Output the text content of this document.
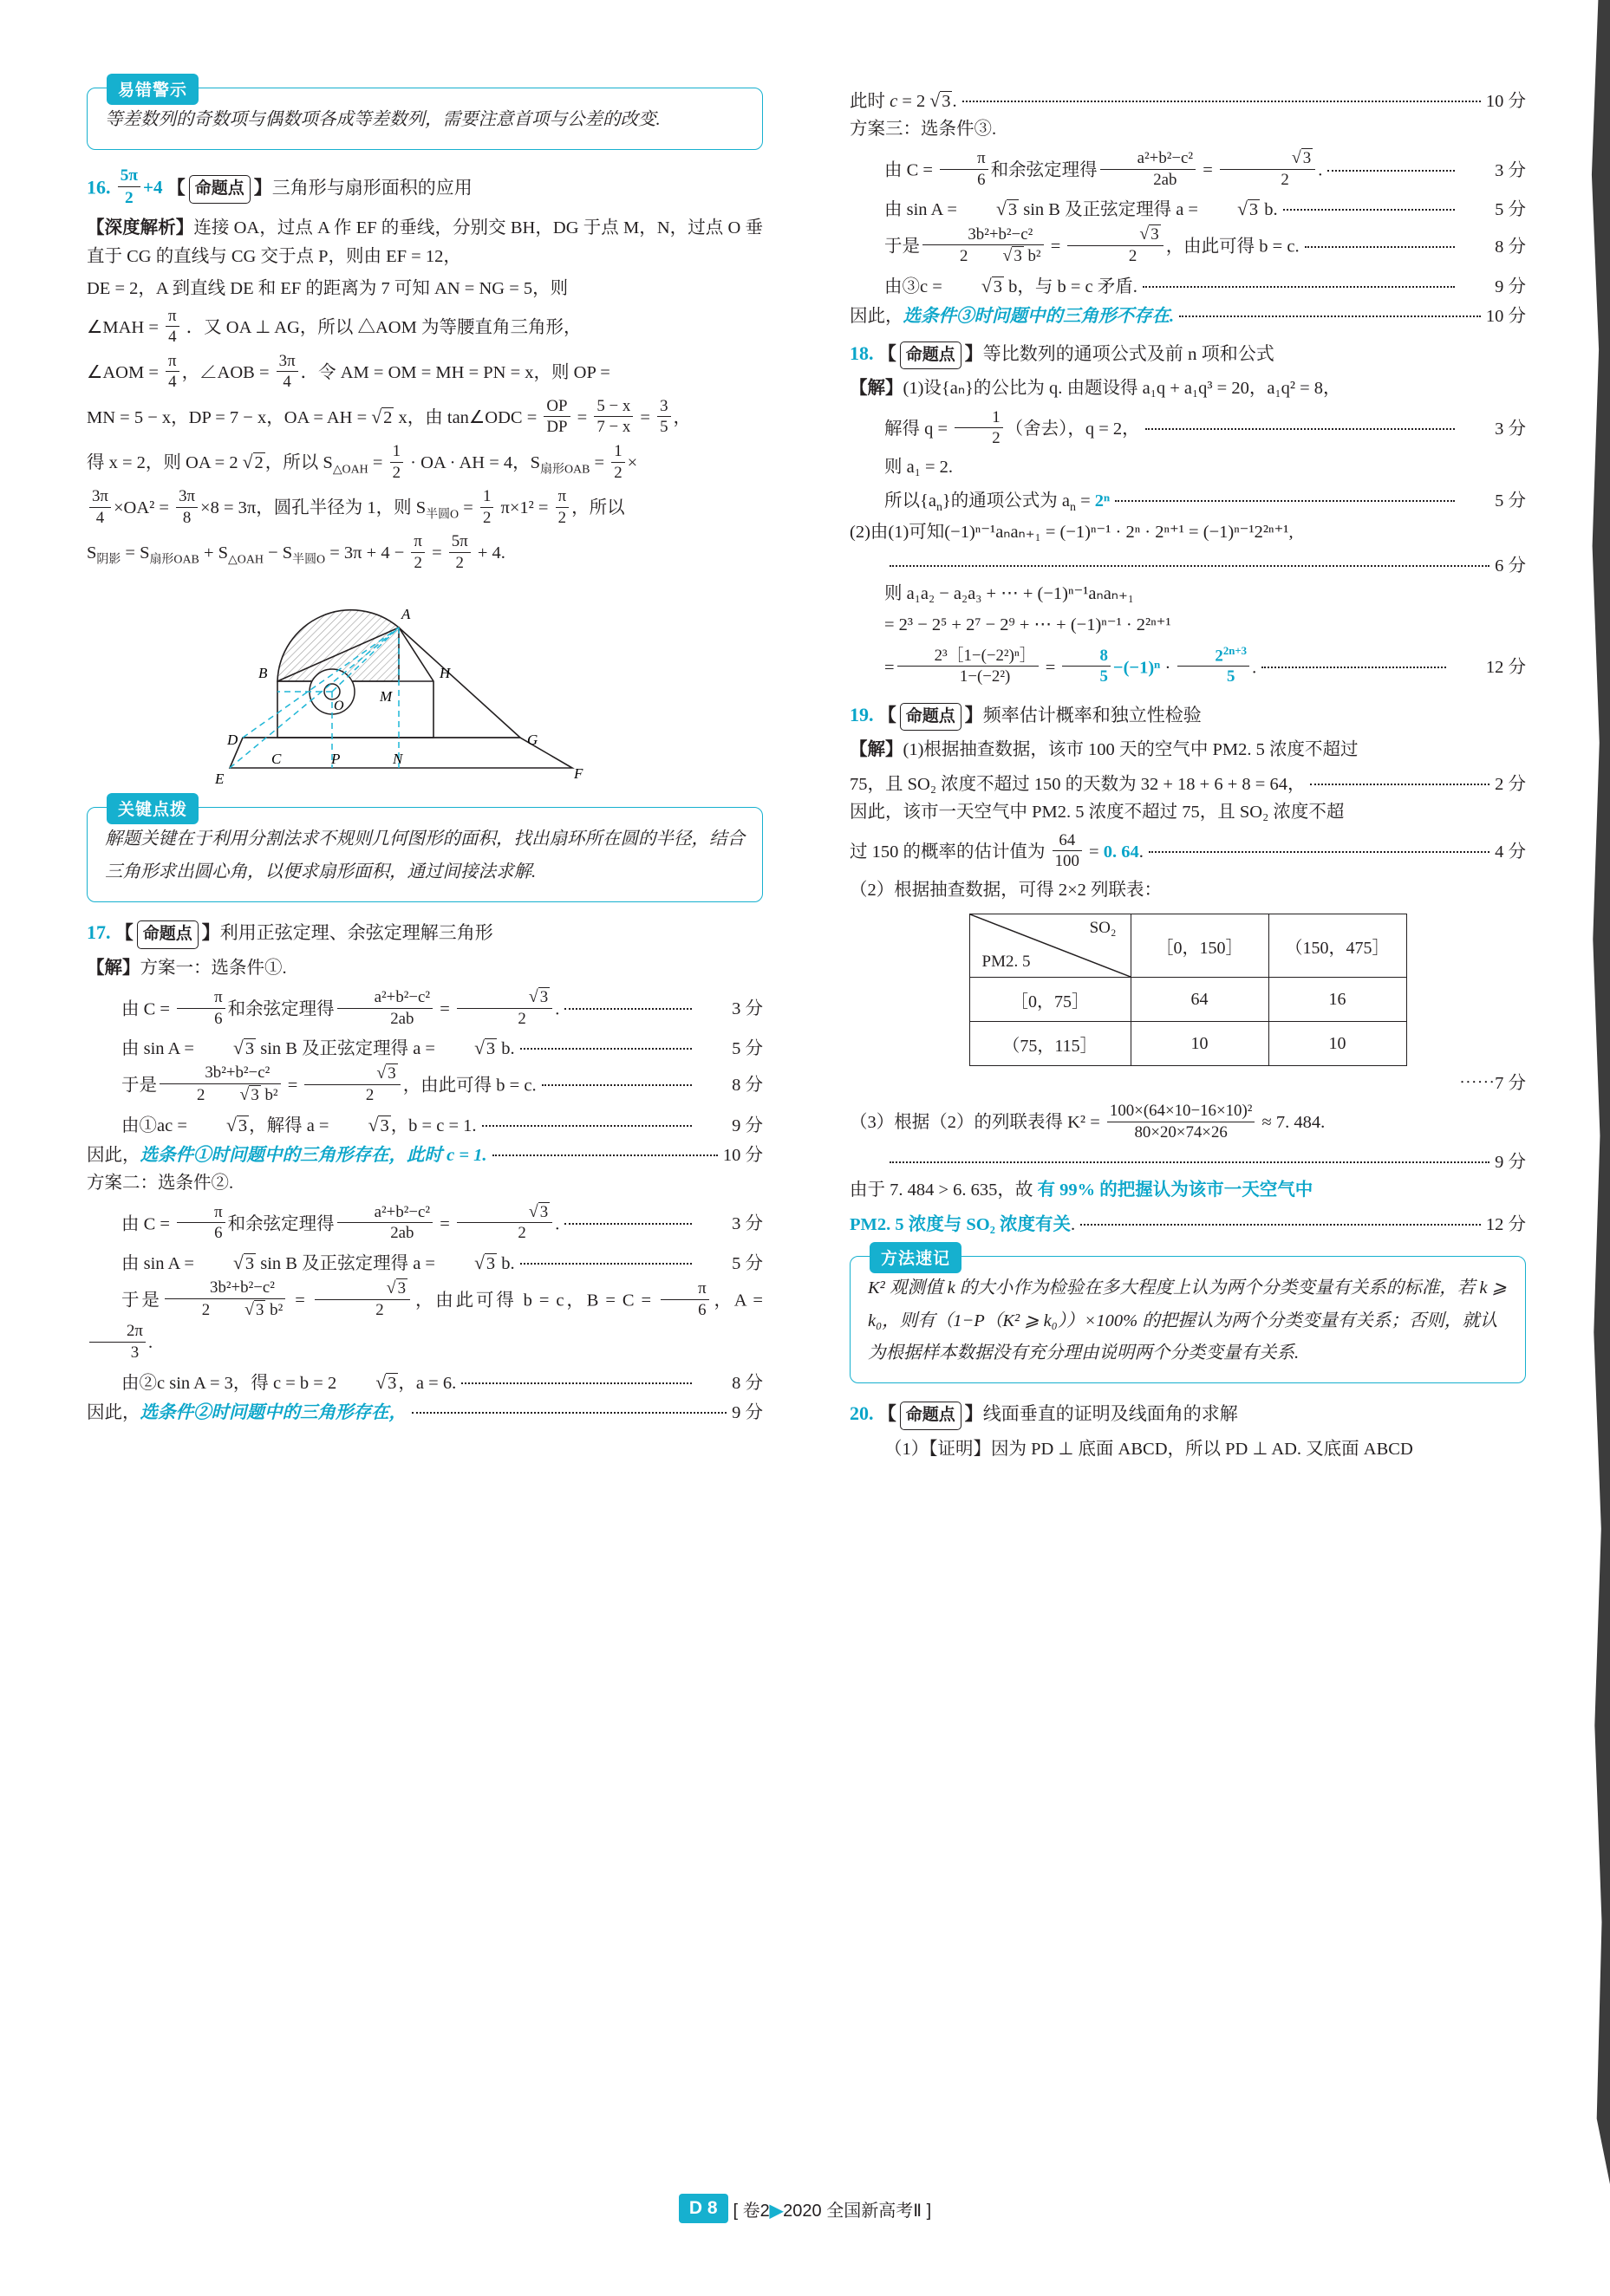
易错警示
等差数列的奇数项与偶数项各成等差数列，需要注意首项与公差的改变.
16. $\frac{5\pi}{2} +4$ 【 命题点 】三角形与扇形面积的应用

【深度解析】连接 OA，过点 A 作 EF 的垂线，分别交 BH，DG 于点 M，N，过点 O 垂直于 CG 的直线与 CG 交于点 P，则由 EF = 12，

DE = 2，A 到直线 DE 和 EF 的距离为 7 可知 AN = NG = 5，则

∠MAH = $\frac{\pi}{4}$ ．又 OA ⊥ AG，所以 △AOM 为等腰直角三角形，

∠AOM = $\frac{\pi}{4}$ ，∠AOB = $\frac{3\pi}{4}$ ．令 AM = OM = MH = PN = x，则 OP =

MN = 5 − x，DP = 7 − x，OA = AH = √2 x，由 tan∠ODC = $\frac{OP}{DP} = \frac{5 - x}{7 - x} = \frac{3}{5}$ ，

得 x = 2，则 OA = 2 √2，所以 $S_{\triangle OAH} = \frac{1}{2}$ · OA · AH = 4，$S_{扇形OAB} = \frac{1}{2}$ ×

$\frac{3\pi}{4} \times OA^2 = \frac{3\pi}{8} \times 8 = 3\pi$，圆孔半径为 1，则 $S_{半圆O} = \frac{1}{2} \pi\times 1^2 = \frac{\pi}{2}$ ，所以

$S_{阴影} = S_{扇形OAB} + S_{\triangle OAH} - S_{半圆O} = 3\pi + 4 - \frac{\pi}{2} = \frac{5\pi}{2} + 4$.

A
B	H
O
M
D
C	P	N
G
E	F
关键点拨
解题关键在于利用分割法求不规则几何图形的面积，找出扇环所在圆的半径，结合三角形求出圆心角，以便求扇形面积，通过间接法求解.
17. 【 命题点 】利用正弦定理、余弦定理解三角形

【解】方案一：选条件①.

由 $C = \frac{\pi}{6}$ 和余弦定理得 $\frac{\text{a²+b²−c²}}{2ab} = \frac{√ 3}{2}$ .	3 分
由 sin A = √3 sin B 及正弦定理得 a = √3 b.	5 分
于是 $\frac{\text{3b²+b²−c²}}{\text{2 √ 3 b²}} = \frac{√ 3}{2}$ ，由此可得 b = c.	8 分
由①ac = √3，解得 a = √3，b = c = 1.	9 分
因此，选条件①时问题中的三角形存在，此时 c = 1.	10 分

方案二：选条件②.

由 $C = \frac{\pi}{6}$ 和余弦定理得 $\frac{\text{a²+b²−c²}}{2ab} = \frac{√ 3}{2}$ .	3 分
由 sin A = √3 sin B 及正弦定理得 a = √3 b.	5 分

于是 $\frac{\text{3b²+b²−c²}}{\text{2 √ 3 b²}} = \frac{√ 3}{2}$ ，由此可得 b = c，$B = C = \frac{\pi}{6}$ ，A =
$\frac{2\pi}{3}$ .

由②c sin A = 3，得 c = b = 2 √3，a = 6.	8 分
因此，选条件②时问题中的三角形存在，	9 分
此时 c = 2 √3.	10 分

方案三：选条件③.

由 $C = \frac{\pi}{6}$ 和余弦定理得 $\frac{\text{a²+b²−c²}}{2ab} = \frac{√ 3}{2}$ .	3 分
由 sin A = √3 sin B 及正弦定理得 a = √3 b.	5 分
于是 $\frac{\text{3b²+b²−c²}}{\text{2 √ 3 b²}} = \frac{√ 3}{2}$ ，由此可得 b = c.	8 分
由③c = √3 b，与 b = c 矛盾.	9 分
因此，选条件③时问题中的三角形不存在.	10 分
18. 【 命题点 】等比数列的通项公式及前 n 项和公式

【解】(1)设{aₙ}的公比为 q. 由题设得 a₁q + a₁q³ = 20，a₁q² = 8，

解得 $q = \frac{1}{2}$ （舍去），q = 2，	3 分

则 a₁ = 2.

所以$\{a_n\}$的通项公式为 $a_n = 2^n$	5 分

(2)由(1)可知(−1)ⁿ⁻¹aₙaₙ₊₁ = (−1)ⁿ⁻¹ · 2ⁿ · 2ⁿ⁺¹ = (−1)ⁿ⁻¹2²ⁿ⁺¹,

6 分

则 a₁a₂ − a₂a₃ + ⋯ + (−1)ⁿ⁻¹aₙaₙ₊₁

= 2³ − 2⁵ + 2⁷ − 2⁹ + ⋯ + (−1)ⁿ⁻¹ · 2²ⁿ⁺¹

= $\frac{\text{2³［1−(−2²)ⁿ］}}{\text{1−(−2²)}} = \frac{8}{5} -(-1)^n \cdot \frac{2^{2n+3}}{5}$ .	12 分
19. 【 命题点 】频率估计概率和独立性检验

【解】(1)根据抽查数据，该市 100 天的空气中 PM2. 5 浓度不超过

75，且 SO₂ 浓度不超过 150 的天数为 32 + 18 + 6 + 8 = 64，	2 分

因此，该市一天空气中 PM2. 5 浓度不超过 75，且 SO₂ 浓度不超

过 150 的概率的估计值为 $\frac{64}{100} = 0$. 64.	4 分

（2）根据抽查数据，可得 2×2 列联表：

PM2. 5
SO₂	［0，150］	（150，475］
［0，75］	64	16
（75，115］	10	10

⋯⋯7 分

（3）根据（2）的列联表得 $K^2 = \frac{\text{100×(64×10−16×10)²}}{80\times 20\times 74\times 26} \approx 7$. 484.

9 分

由于 7. 484 > 6. 635，故 有 99% 的把握认为该市一天空气中

PM2. 5 浓度与 SO₂ 浓度有关.	12 分
方法速记
K² 观测值 k 的大小作为检验在多大程度上认为两个分类变量有关系的标准，若 k ⩾ k₀，则有（1−P（K² ⩾ k₀））×100% 的把握认为两个分类变量有关系；否则，就认为根据样本数据没有充分理由说明两个分类变量有关系.
20. 【 命题点 】线面垂直的证明及线面角的求解

（1）【证明】因为 PD ⊥ 底面 ABCD，所以 PD ⊥ AD. 又底面 ABCD

D 8 [ 卷2▶2020 全国新高考Ⅱ ]
